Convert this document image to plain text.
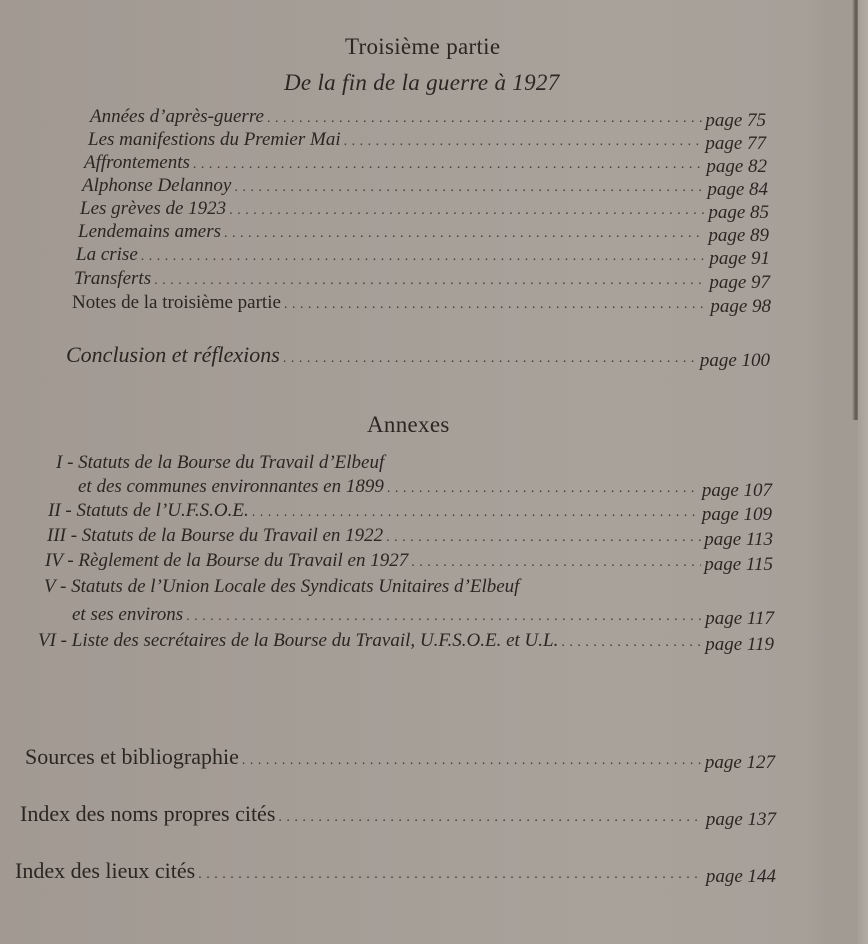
Troisième partie
De la fin de la guerre à 1927
Années d’après-guerre . . .	page 75
Les manifestions du Premier Mai . . .	page 77
Affrontements . . .	page 82
Alphonse Delannoy . . .	page 84
Les grèves de 1923 . . .	page 85
Lendemains amers . . .	page 89
La crise . . .	page 91
Transferts . . .	page 97
Notes de la troisième partie . . .	page 98
Conclusion et réflexions . . .	page 100
Annexes
I - Statuts de la Bourse du Travail d’Elbeuf
et des communes environnantes en 1899 . . .	page 107
II - Statuts de l’U.F.S.O.E. . . .	page 109
III - Statuts de la Bourse du Travail en 1922 . . .	page 113
IV - Règlement de la Bourse du Travail en 1927 . . .	page 115
V - Statuts de l’Union Locale des Syndicats Unitaires d’Elbeuf
et ses environs . . .	page 117
VI - Liste des secrétaires de la Bourse du Travail, U.F.S.O.E. et U.L. . . .	page 119
Sources et bibliographie . . .	page 127
Index des noms propres cités . . .	page 137
Index des lieux cités . . .	page 144
